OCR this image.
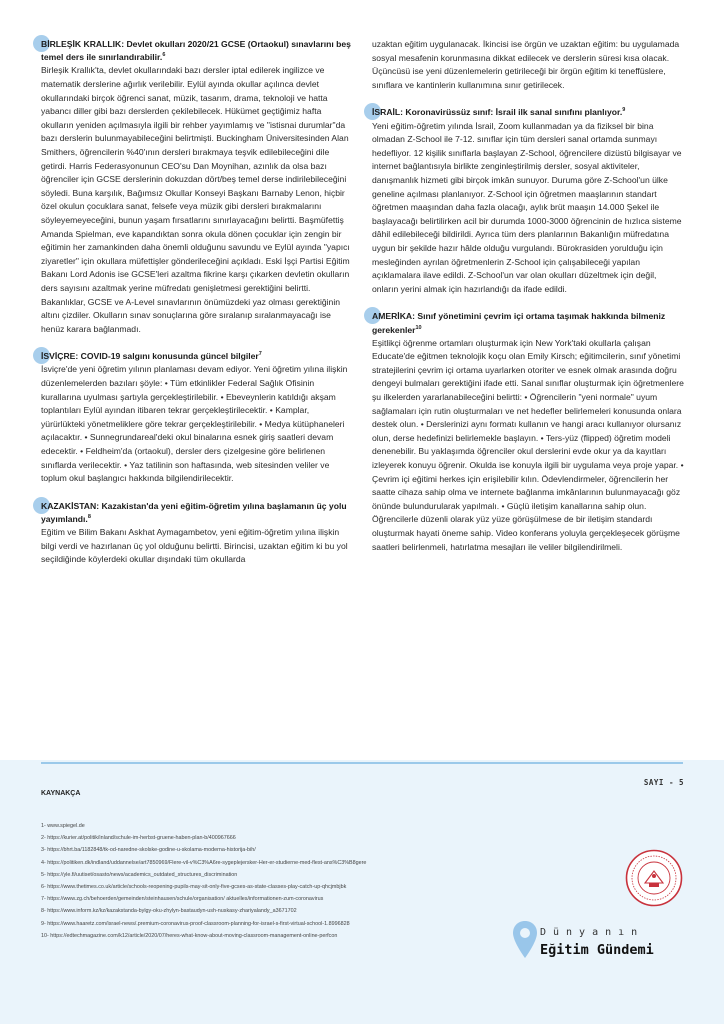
BİRLEŞİK KRALLIK: Devlet okulları 2020/21 GCSE (Ortaokul) sınavlarını beş temel ders ile sınırlandırabilir.$^6$

Birleşik Krallık'ta, devlet okullarındaki bazı dersler iptal edilerek ingilizce ve matematik derslerine ağırlık verilebilir. Eylül ayında okullar açılınca devlet okullarındaki birçok öğrenci sanat, müzik, tasarım, drama, teknoloji ve hatta yabancı diller gibi bazı derslerden çekilebilecek. Hükümet geçtiğimiz hafta okulların yeniden açılmasıyla ilgili bir rehber yayımlamış ve "istisnai durumlar"da bazı derslerin bulunmayabileceğini belirtmişti. Buckingham Üniversitesinden Alan Smithers, öğrencilerin %40'ının dersleri bırakmaya teşvik edilebileceğini dile getirdi. Harris Federasyonunun CEO'su Dan Moynihan, azınlık da olsa bazı öğrenciler için GCSE derslerinin dokuzdan dört/beş temel derse indirilebileceğini söyledi. Buna karşılık, Bağımsız Okullar Konseyi Başkanı Barnaby Lenon, hiçbir özel okulun çocuklara sanat, felsefe veya müzik gibi dersleri bırakmalarını söyleyemeyeceğini, bunun yaşam fırsatlarını sınırlayacağını belirtti. Başmüfettiş Amanda Spielman, eve kapandıktan sonra okula dönen çocuklar için zengin bir eğitimin her zamankinden daha önemli olduğunu savundu ve Eylül ayında "yapıcı ziyaretler" için okullara müfettişler gönderileceğini açıkladı. Eski İşçi Partisi Eğitim Bakanı Lord Adonis ise GCSE'leri azaltma fikrine karşı çıkarken devletin okulların ders sayısını azaltmak yerine müfredatı genişletmesi gerektiğini belirtti. Bakanlıklar, GCSE ve A-Level sınavlarının önümüzdeki yaz olması gerektiğinin altını çizdiler. Okulların sınav sonuçlarına göre sıralanıp sıralanmayacağı ise henüz karara bağlanmadı.

İSVİÇRE: COVID-19 salgını konusunda güncel bilgiler$^7$

İsviçre'de yeni öğretim yılının planlaması devam ediyor. Yeni öğretim yılına ilişkin düzenlemelerden bazıları şöyle: • Tüm etkinlikler Federal Sağlık Ofisinin kurallarına uyulması şartıyla gerçekleştirilebilir. • Ebeveynlerin katıldığı akşam toplantıları Eylül ayından itibaren tekrar gerçekleştirilecektir. • Kamplar, yürürlükteki yönetmeliklere göre tekrar gerçekleştirilebilir. • Medya kütüphaneleri açılacaktır. • Sunnegrundareal'deki okul binalarına esnek giriş saatleri devam edecektir. • Feldheim'da (ortaokul), dersler ders çizelgesine göre belirlenen sınıflarda verilecektir. • Yaz tatilinin son haftasında, web sitesinden veliler ve toplum okul başlangıcı hakkında bilgilendirilecektir.

KAZAKİSTAN: Kazakistan'da yeni eğitim-öğretim yılına başlamanın üç yolu yayımlandı.$^8$

Eğitim ve Bilim Bakanı Askhat Aymagambetov, yeni eğitim-öğretim yılına ilişkin bilgi verdi ve hazırlanan üç yol olduğunu belirtti. Birincisi, uzaktan eğitim ki bu yol seçildiğinde köylerdeki okullar dışındaki tüm okullarda

uzaktan eğitim uygulanacak. İkincisi ise örgün ve uzaktan eğitim: bu uygulamada sosyal mesafenin korunmasına dikkat edilecek ve derslerin süresi kısa olacak. Üçüncüsü ise yeni düzenlemelerin getirileceği bir örgün eğitim ki teneffüslere, sınıflara ve kantinlerin kullanımına sınır getirilecek.

İSRAİL: Koronavirüssüz sınıf: İsrail ilk sanal sınıfını planlıyor.$^9$

Yeni eğitim-öğretim yılında İsrail, Zoom kullanmadan ya da fiziksel bir bina olmadan Z-School ile 7-12. sınıflar için tüm dersleri sanal ortamda sunmayı hedefliyor. 12 kişilik sınıflarla başlayan Z-School, öğrencilere dizüstü bilgisayar ve internet bağlantısıyla birlikte zenginleştirilmiş dersler, sosyal aktiviteler, danışmanlık hizmeti gibi birçok imkân sunuyor. Duruma göre Z-School'un ülke geneline açılması planlanıyor. Z-School için öğretmen maaşlarının standart öğretmen maaşından daha fazla olacağı, aylık brüt maaşın 14.000 Şekel ile başlayacağı belirtilirken acil bir durumda 1000-3000 öğrencinin de hızlıca sisteme dâhil edilebileceği bildirildi. Ayrıca tüm ders planlarının Bakanlığın müfredatına uygun bir şekilde hazır hâlde olduğu vurgulandı. Bürokrasiden yorulduğu için mesleğinden ayrılan öğretmenlerin Z-School için çalışabileceği yapılan açıklamalara ilave edildi. Z-School'un var olan okulları düzeltmek için değil, onların yerini almak için hazırlandığı da ifade edildi.

AMERİKA: Sınıf yönetimini çevrim içi ortama taşımak hakkında bilmeniz gerekenler$^{10}$

Eşitlikçi öğrenme ortamları oluşturmak için New York'taki okullarla çalışan Educate'de eğitmen teknolojik koçu olan Emily Kirsch; eğitimcilerin, sınıf yönetimi stratejilerini çevrim içi ortama uyarlarken otoriter ve esnek olmak arasında doğru dengeyi bulmaları gerektiğini ifade etti. Sanal sınıflar oluşturmak için öğretmenlere şu ilkelerden yararlanabileceğini belirtti: • Öğrencilerin "yeni normale" uyum sağlamaları için rutin oluşturmaları ve net hedefler belirlemeleri konusunda onlara destek olun. • Derslerinizi aynı formatı kullanın ve hangi aracı kullanıyor olursanız olun, derse hedefinizi belirlemekle başlayın. • Ters-yüz (flipped) öğretim modeli denenebilir. Bu yaklaşımda öğrenciler okul derslerini evde okur ya da kayıtları izleyerek konuyu öğrenir. Okulda ise konuyla ilgili bir uygulama veya proje yapar. • Çevrim içi eğitimi herkes için erişilebilir kılın. Ödevlendirmeler, öğrencilerin her saatte cihaza sahip olma ve internete bağlanma imkânlarının bulunmayacağı göz önünde bulundurularak yapılmalı. • Güçlü iletişim kanallarına sahip olun. Öğrencilerle düzenli olarak yüz yüze görüşülmese de bir iletişim standardı oluşturmak hayati öneme sahip. Video konferans yoluyla gerçekleşecek görüşme saatleri belirlenmeli, hatırlatma mesajları ile veliler bilgilendirilmeli.

KAYNAKÇA
SAYI - 5
1- www.spiegel.de
2- https://kurier.at/politik/inland/schule-im-herbst-gruene-haben-plan-b/400967666
3- https://bhrt.ba/1182848/tk-od-naredne-skolske-godine-u-skolama-moderna-historija-bih/
4- https://politiken.dk/indland/uddannelse/art7850969/Flere-vil-v%C3%A6re-sygeplejersker-Her-er-studierne-med-flest-ans%C3%B8gere
5- https://yle.fi/uutiset/osasto/news/academics_outdated_structures_discrimination
6- https://www.thetimes.co.uk/article/schools-reopening-pupils-may-sit-only-five-gcses-as-state-classes-play-catch-up-qhcjmbjbk
7- https://www.zg.ch/behoerden/gemeinden/steinhausen/schule/organisation/ aktuelles/informationen-zum-coronavirus
8- https://www.inform.kz/kz/kazakstanda-bylgy-oku-zhylyn-bastaudyn-ush-nuskasy-zhariyalandy_a3671702
9- https://www.haaretz.com/israel-news/.premium-coronavirus-proof-classroom-planning-for-israel-s-first-virtual-school-1.8996828
10- https://edtechmagazine.com/k12/article/2020/07/heres-what-know-about-moving-classroom-management-online-perfcon	Dünyanın
Eğitim Gündemi
